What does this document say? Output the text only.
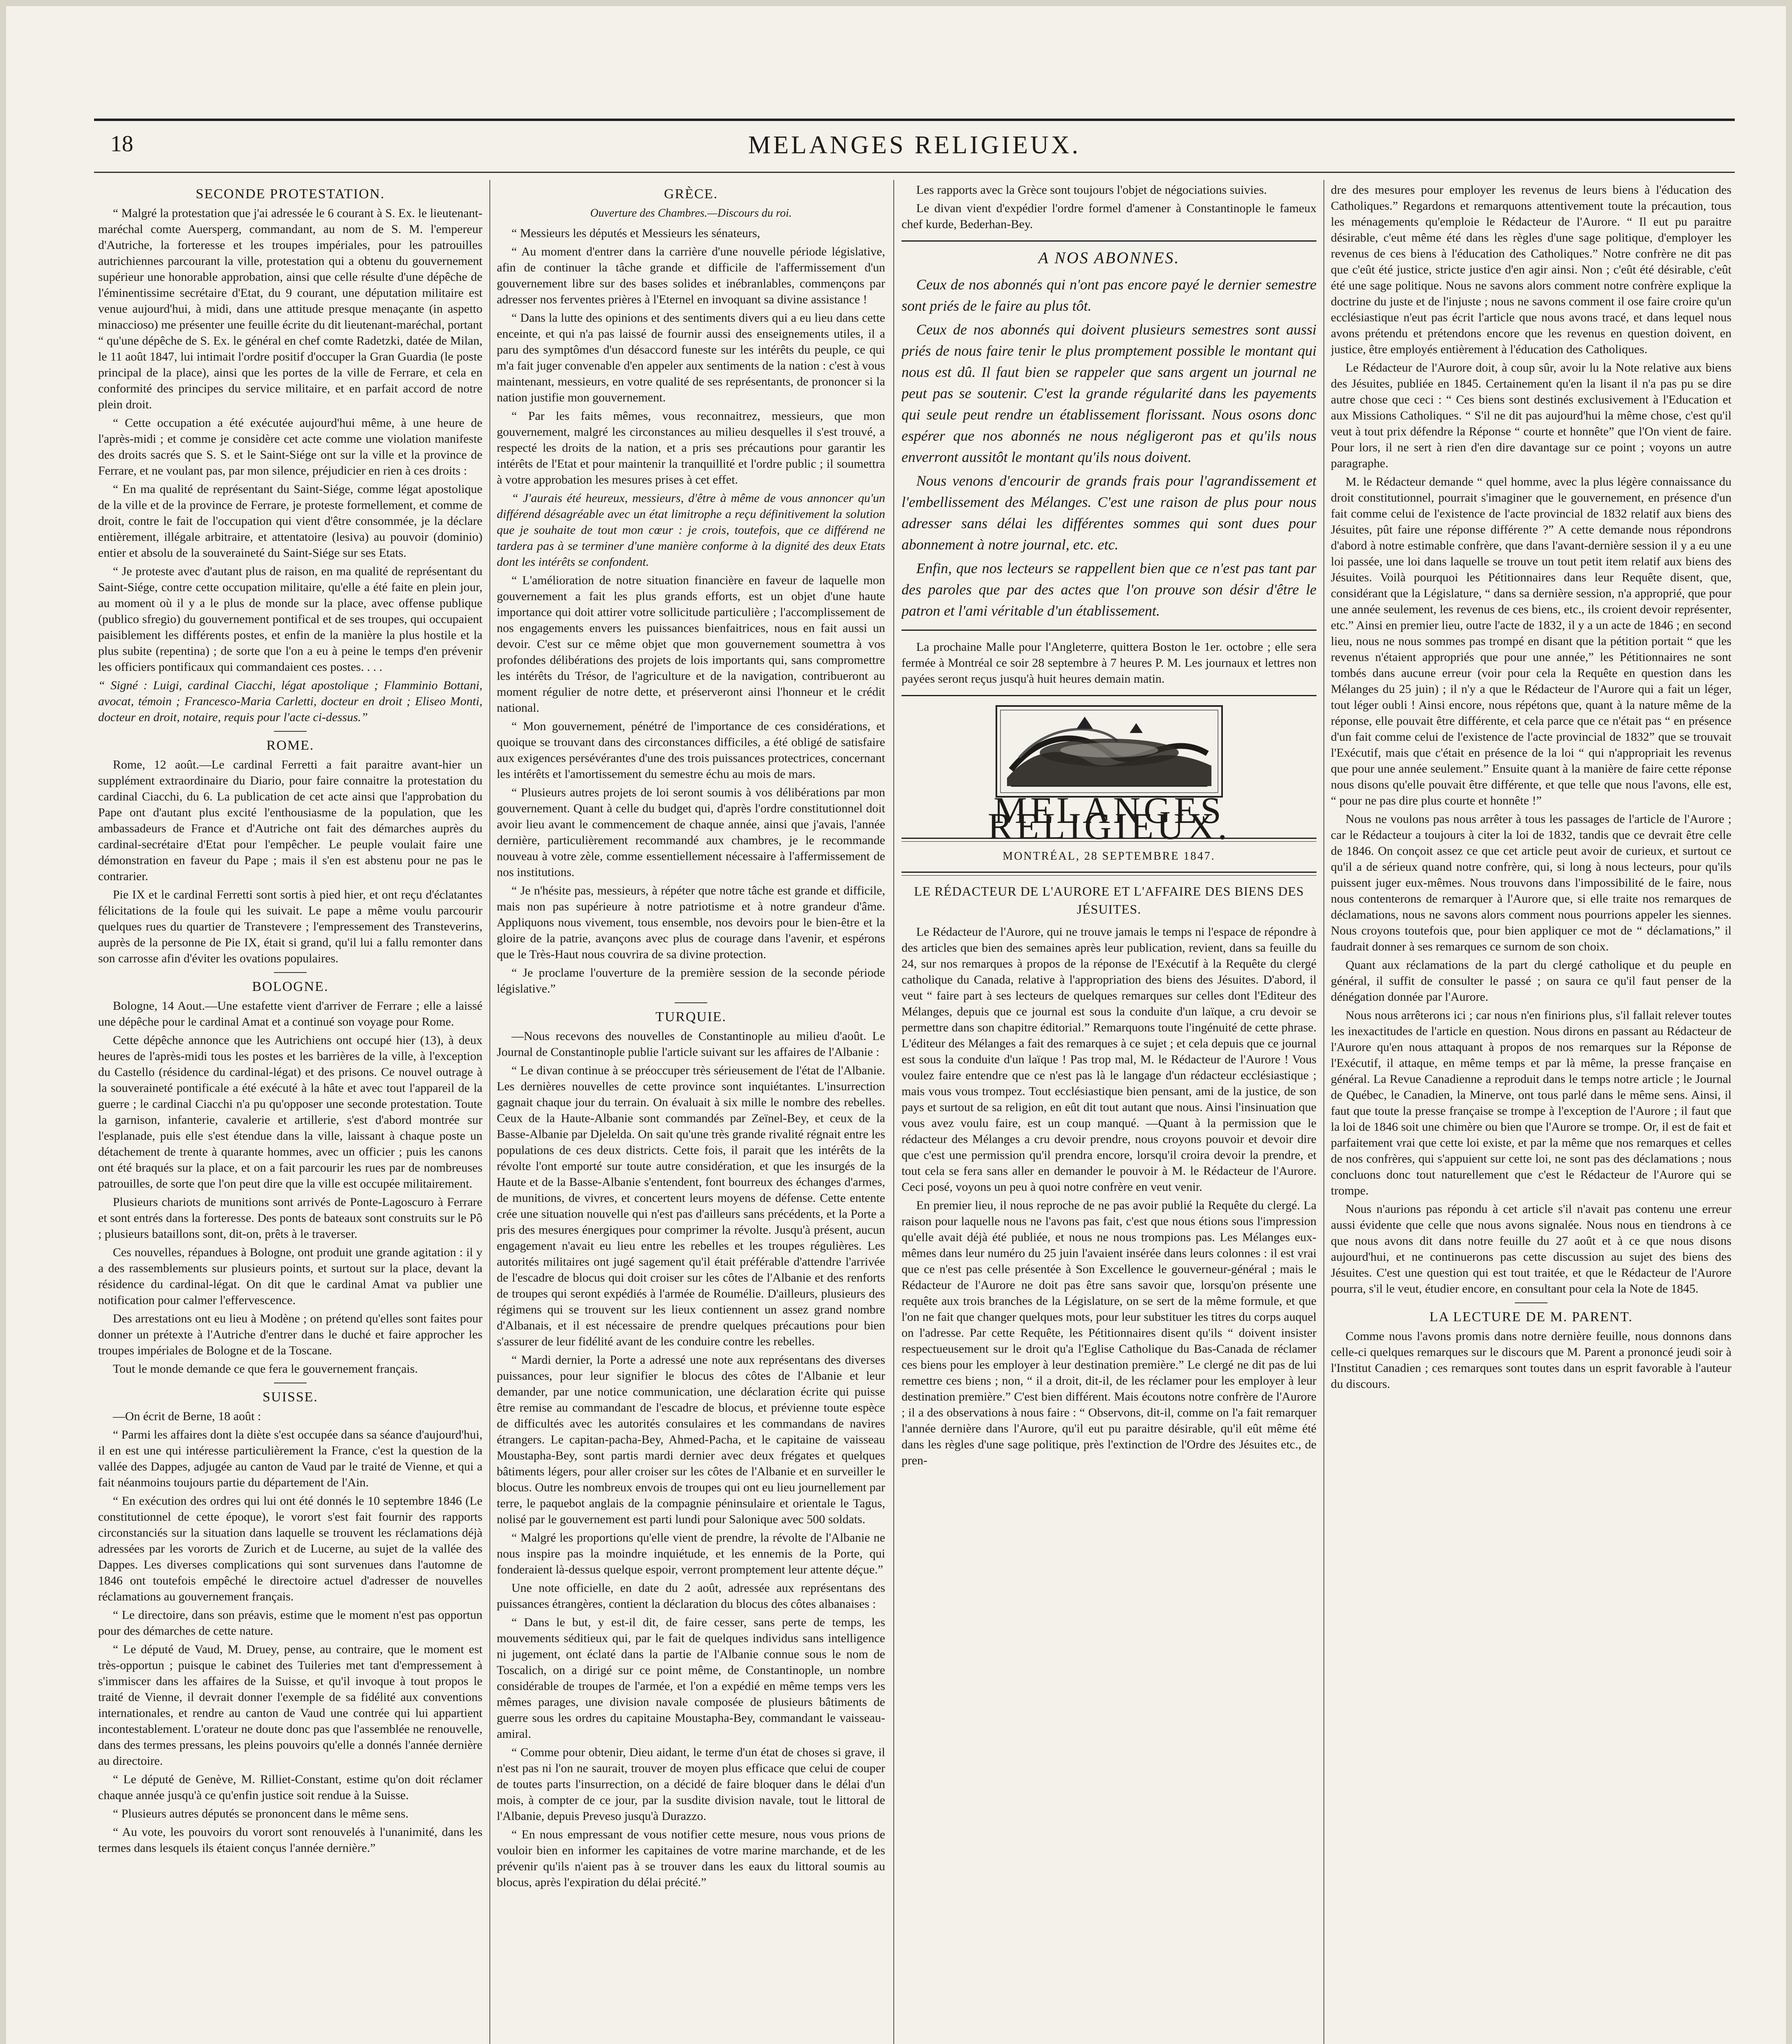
18	MELANGES RELIGIEUX.
SECONDE PROTESTATION.

“ Malgré la protestation que j'ai adressée le 6 courant à S. Ex. le lieutenant-maréchal comte Auersperg, commandant, au nom de S. M. l'empereur d'Autriche, la forteresse et les troupes impériales, pour les patrouilles autrichiennes parcourant la ville, protestation qui a obtenu du gouvernement supérieur une honorable approbation, ainsi que celle résulte d'une dépêche de l'éminentissime secrétaire d'Etat, du 9 courant, une députation militaire est venue aujourd'hui, à midi, dans une attitude presque menaçante (in aspetto minaccioso) me présenter une feuille écrite du dit lieutenant-maréchal, portant “ qu'une dépêche de S. Ex. le général en chef comte Radetzki, datée de Milan, le 11 août 1847, lui intimait l'ordre positif d'occuper la Gran Guardia (le poste principal de la place), ainsi que les portes de la ville de Ferrare, et cela en conformité des principes du service militaire, et en parfait accord de notre plein droit.

“ Cette occupation a été exécutée aujourd'hui même, à une heure de l'après-midi ; et comme je considère cet acte comme une violation manifeste des droits sacrés que S. S. et le Saint-Siége ont sur la ville et la province de Ferrare, et ne voulant pas, par mon silence, préjudicier en rien à ces droits :

“ En ma qualité de représentant du Saint-Siége, comme légat apostolique de la ville et de la province de Ferrare, je proteste formellement, et comme de droit, contre le fait de l'occupation qui vient d'être consommée, je la déclare entièrement, illégale arbitraire, et attentatoire (lesiva) au pouvoir (dominio) entier et absolu de la souveraineté du Saint-Siége sur ses Etats.

“ Je proteste avec d'autant plus de raison, en ma qualité de représentant du Saint-Siége, contre cette occupation militaire, qu'elle a été faite en plein jour, au moment où il y a le plus de monde sur la place, avec offense publique (publico sfregio) du gouvernement pontifical et de ses troupes, qui occupaient paisiblement les différents postes, et enfin de la manière la plus hostile et la plus subite (repentina) ; de sorte que l'on a eu à peine le temps d'en prévenir les officiers pontificaux qui commandaient ces postes. . . .

“ Signé : Luigi, cardinal Ciacchi, légat apostolique ; Flamminio Bottani, avocat, témoin ; Francesco-Maria Carletti, docteur en droit ; Eliseo Monti, docteur en droit, notaire, requis pour l'acte ci-dessus.”

ROME.

Rome, 12 août.—Le cardinal Ferretti a fait paraitre avant-hier un supplément extraordinaire du Diario, pour faire connaitre la protestation du cardinal Ciacchi, du 6. La publication de cet acte ainsi que l'approbation du Pape ont d'autant plus excité l'enthousiasme de la population, que les ambassadeurs de France et d'Autriche ont fait des démarches auprès du cardinal-secrétaire d'Etat pour l'empêcher. Le peuple voulait faire une démonstration en faveur du Pape ; mais il s'en est abstenu pour ne pas le contrarier.

Pie IX et le cardinal Ferretti sont sortis à pied hier, et ont reçu d'éclatantes félicitations de la foule qui les suivait. Le pape a même voulu parcourir quelques rues du quartier de Transtevere ; l'empressement des Transteverins, auprès de la personne de Pie IX, était si grand, qu'il lui a fallu remonter dans son carrosse afin d'éviter les ovations populaires.

BOLOGNE.

Bologne, 14 Aout.—Une estafette vient d'arriver de Ferrare ; elle a laissé une dépêche pour le cardinal Amat et a continué son voyage pour Rome.

Cette dépêche annonce que les Autrichiens ont occupé hier (13), à deux heures de l'après-midi tous les postes et les barrières de la ville, à l'exception du Castello (résidence du cardinal-légat) et des prisons. Ce nouvel outrage à la souveraineté pontificale a été exécuté à la hâte et avec tout l'appareil de la guerre ; le cardinal Ciacchi n'a pu qu'opposer une seconde protestation. Toute la garnison, infanterie, cavalerie et artillerie, s'est d'abord montrée sur l'esplanade, puis elle s'est étendue dans la ville, laissant à chaque poste un détachement de trente à quarante hommes, avec un officier ; puis les canons ont été braqués sur la place, et on a fait parcourir les rues par de nombreuses patrouilles, de sorte que l'on peut dire que la ville est occupée militairement.

Plusieurs chariots de munitions sont arrivés de Ponte-Lagoscuro à Ferrare et sont entrés dans la forteresse. Des ponts de bateaux sont construits sur le Pô ; plusieurs bataillons sont, dit-on, prêts à le traverser.

Ces nouvelles, répandues à Bologne, ont produit une grande agitation : il y a des rassemblements sur plusieurs points, et surtout sur la place, devant la résidence du cardinal-légat. On dit que le cardinal Amat va publier une notification pour calmer l'effervescence.

Des arrestations ont eu lieu à Modène ; on prétend qu'elles sont faites pour donner un prétexte à l'Autriche d'entrer dans le duché et faire approcher les troupes impériales de Bologne et de la Toscane.

Tout le monde demande ce que fera le gouvernement français.

SUISSE.

—On écrit de Berne, 18 août :

“ Parmi les affaires dont la diète s'est occupée dans sa séance d'aujourd'hui, il en est une qui intéresse particulièrement la France, c'est la question de la vallée des Dappes, adjugée au canton de Vaud par le traité de Vienne, et qui a fait néanmoins toujours partie du département de l'Ain.

“ En exécution des ordres qui lui ont été donnés le 10 septembre 1846 (Le constitutionnel de cette époque), le vorort s'est fait fournir des rapports circonstanciés sur la situation dans laquelle se trouvent les réclamations déjà adressées par les vororts de Zurich et de Lucerne, au sujet de la vallée des Dappes. Les diverses complications qui sont survenues dans l'automne de 1846 ont toutefois empêché le directoire actuel d'adresser de nouvelles réclamations au gouvernement français.

“ Le directoire, dans son préavis, estime que le moment n'est pas opportun pour des démarches de cette nature.

“ Le député de Vaud, M. Druey, pense, au contraire, que le moment est très-opportun ; puisque le cabinet des Tuileries met tant d'empressement à s'immiscer dans les affaires de la Suisse, et qu'il invoque à tout propos le traité de Vienne, il devrait donner l'exemple de sa fidélité aux conventions internationales, et rendre au canton de Vaud une contrée qui lui appartient incontestablement. L'orateur ne doute donc pas que l'assemblée ne renouvelle, dans des termes pressans, les pleins pouvoirs qu'elle a donnés l'année dernière au directoire.

“ Le député de Genève, M. Rilliet-Constant, estime qu'on doit réclamer chaque année jusqu'à ce qu'enfin justice soit rendue à la Suisse.

“ Plusieurs autres députés se prononcent dans le même sens.

“ Au vote, les pouvoirs du vorort sont renouvelés à l'unanimité, dans les termes dans lesquels ils étaient conçus l'année dernière.”

GRÈCE.
Ouverture des Chambres.—Discours du roi.

“ Messieurs les députés et Messieurs les sénateurs,

“ Au moment d'entrer dans la carrière d'une nouvelle période législative, afin de continuer la tâche grande et difficile de l'affermissement d'un gouvernement libre sur des bases solides et inébranlables, commençons par adresser nos ferventes prières à l'Eternel en invoquant sa divine assistance !

“ Dans la lutte des opinions et des sentiments divers qui a eu lieu dans cette enceinte, et qui n'a pas laissé de fournir aussi des enseignements utiles, il a paru des symptômes d'un désaccord funeste sur les intérêts du peuple, ce qui m'a fait juger convenable d'en appeler aux sentiments de la nation : c'est à vous maintenant, messieurs, en votre qualité de ses représentants, de prononcer si la nation justifie mon gouvernement.

“ Par les faits mêmes, vous reconnaitrez, messieurs, que mon gouvernement, malgré les circonstances au milieu desquelles il s'est trouvé, a respecté les droits de la nation, et a pris ses précautions pour garantir les intérêts de l'Etat et pour maintenir la tranquillité et l'ordre public ; il soumettra à votre approbation les mesures prises à cet effet.

“ J'aurais été heureux, messieurs, d'être à même de vous annoncer qu'un différend désagréable avec un état limitrophe a reçu définitivement la solution que je souhaite de tout mon cœur : je crois, toutefois, que ce différend ne tardera pas à se terminer d'une manière conforme à la dignité des deux Etats dont les intérêts se confondent.

“ L'amélioration de notre situation financière en faveur de laquelle mon gouvernement a fait les plus grands efforts, est un objet d'une haute importance qui doit attirer votre sollicitude particulière ; l'accomplissement de nos engagements envers les puissances bienfaitrices, nous en fait aussi un devoir. C'est sur ce même objet que mon gouvernement soumettra à vos profondes délibérations des projets de lois importants qui, sans compromettre les intérêts du Trésor, de l'agriculture et de la navigation, contribueront au moment régulier de notre dette, et préserveront ainsi l'honneur et le crédit national.

“ Mon gouvernement, pénétré de l'importance de ces considérations, et quoique se trouvant dans des circonstances difficiles, a été obligé de satisfaire aux exigences persévérantes d'une des trois puissances protectrices, concernant les intérêts et l'amortissement du semestre échu au mois de mars.

“ Plusieurs autres projets de loi seront soumis à vos délibérations par mon gouvernement. Quant à celle du budget qui, d'après l'ordre constitutionnel doit avoir lieu avant le commencement de chaque année, ainsi que j'avais, l'année dernière, particulièrement recommandé aux chambres, je le recommande nouveau à votre zèle, comme essentiellement nécessaire à l'affermissement de nos institutions.

“ Je n'hésite pas, messieurs, à répéter que notre tâche est grande et difficile, mais non pas supérieure à notre patriotisme et à notre grandeur d'âme. Appliquons nous vivement, tous ensemble, nos devoirs pour le bien-être et la gloire de la patrie, avançons avec plus de courage dans l'avenir, et espérons que le Très-Haut nous couvrira de sa divine protection.

“ Je proclame l'ouverture de la première session de la seconde période législative.”

TURQUIE.

—Nous recevons des nouvelles de Constantinople au milieu d'août. Le Journal de Constantinople publie l'article suivant sur les affaires de l'Albanie :

“ Le divan continue à se préoccuper très sérieusement de l'état de l'Albanie. Les dernières nouvelles de cette province sont inquiétantes. L'insurrection gagnait chaque jour du terrain. On évaluait à six mille le nombre des rebelles. Ceux de la Haute-Albanie sont commandés par Zeïnel-Bey, et ceux de la Basse-Albanie par Djelelda. On sait qu'une très grande rivalité régnait entre les populations de ces deux districts. Cette fois, il parait que les intérêts de la révolte l'ont emporté sur toute autre considération, et que les insurgés de la Haute et de la Basse-Albanie s'entendent, font bourreux des échanges d'armes, de munitions, de vivres, et concertent leurs moyens de défense. Cette entente crée une situation nouvelle qui n'est pas d'ailleurs sans précédents, et la Porte a pris des mesures énergiques pour comprimer la révolte. Jusqu'à présent, aucun engagement n'avait eu lieu entre les rebelles et les troupes régulières. Les autorités militaires ont jugé sagement qu'il était préférable d'attendre l'arrivée de l'escadre de blocus qui doit croiser sur les côtes de l'Albanie et des renforts de troupes qui seront expédiés à l'armée de Roumélie. D'ailleurs, plusieurs des régimens qui se trouvent sur les lieux contiennent un assez grand nombre d'Albanais, et il est nécessaire de prendre quelques précautions pour bien s'assurer de leur fidélité avant de les conduire contre les rebelles.

“ Mardi dernier, la Porte a adressé une note aux représentans des diverses puissances, pour leur signifier le blocus des côtes de l'Albanie et leur demander, par une notice communication, une déclaration écrite qui puisse être remise au commandant de l'escadre de blocus, et prévienne toute espèce de difficultés avec les autorités consulaires et les commandans de navires étrangers. Le capitan-pacha-Bey, Ahmed-Pacha, et le capitaine de vaisseau Moustapha-Bey, sont partis mardi dernier avec deux frégates et quelques bâtiments légers, pour aller croiser sur les côtes de l'Albanie et en surveiller le blocus. Outre les nombreux envois de troupes qui ont eu lieu journellement par terre, le paquebot anglais de la compagnie péninsulaire et orientale le Tagus, nolisé par le gouvernement est parti lundi pour Salonique avec 500 soldats.

“ Malgré les proportions qu'elle vient de prendre, la révolte de l'Albanie ne nous inspire pas la moindre inquiétude, et les ennemis de la Porte, qui fonderaient là-dessus quelque espoir, verront promptement leur attente déçue.”

Une note officielle, en date du 2 août, adressée aux représentans des puissances étrangères, contient la déclaration du blocus des côtes albanaises :

“ Dans le but, y est-il dit, de faire cesser, sans perte de temps, les mouvements séditieux qui, par le fait de quelques individus sans intelligence ni jugement, ont éclaté dans la partie de l'Albanie connue sous le nom de Toscalich, on a dirigé sur ce point même, de Constantinople, un nombre considérable de troupes de l'armée, et l'on a expédié en même temps vers les mêmes parages, une division navale composée de plusieurs bâtiments de guerre sous les ordres du capitaine Moustapha-Bey, commandant le vaisseau-amiral.

“ Comme pour obtenir, Dieu aidant, le terme d'un état de choses si grave, il n'est pas ni l'on ne saurait, trouver de moyen plus efficace que celui de couper de toutes parts l'insurrection, on a décidé de faire bloquer dans le délai d'un mois, à compter de ce jour, par la susdite division navale, tout le littoral de l'Albanie, depuis Preveso jusqu'à Durazzo.

“ En nous empressant de vous notifier cette mesure, nous vous prions de vouloir bien en informer les capitaines de votre marine marchande, et de les prévenir qu'ils n'aient pas à se trouver dans les eaux du littoral soumis au blocus, après l'expiration du délai précité.”

Les rapports avec la Grèce sont toujours l'objet de négociations suivies.

Le divan vient d'expédier l'ordre formel d'amener à Constantinople le fameux chef kurde, Bederhan-Bey.

A NOS ABONNES.

Ceux de nos abonnés qui n'ont pas encore payé le dernier semestre sont priés de le faire au plus tôt.

Ceux de nos abonnés qui doivent plusieurs semestres sont aussi priés de nous faire tenir le plus promptement possible le montant qui nous est dû. Il faut bien se rappeler que sans argent un journal ne peut pas se soutenir. C'est la grande régularité dans les payements qui seule peut rendre un établissement florissant. Nous osons donc espérer que nos abonnés ne nous négligeront pas et qu'ils nous enverront aussitôt le montant qu'ils nous doivent.

Nous venons d'encourir de grands frais pour l'agrandissement et l'embellissement des Mélanges. C'est une raison de plus pour nous adresser sans délai les différentes sommes qui sont dues pour abonnement à notre journal, etc. etc.

Enfin, que nos lecteurs se rappellent bien que ce n'est pas tant par des paroles que par des actes que l'on prouve son désir d'être le patron et l'ami véritable d'un établissement.

La prochaine Malle pour l'Angleterre, quittera Boston le 1er. octobre ; elle sera fermée à Montréal ce soir 28 septembre à 7 heures P. M. Les journaux et lettres non payées seront reçus jusqu'à huit heures demain matin.

MELANGES RELIGIEUX.
MONTRÉAL, 28 SEPTEMBRE 1847.
LE RÉDACTEUR DE L'AURORE ET L'AFFAIRE DES BIENS DES JÉSUITES.

Le Rédacteur de l'Aurore, qui ne trouve jamais le temps ni l'espace de répondre à des articles que bien des semaines après leur publication, revient, dans sa feuille du 24, sur nos remarques à propos de la réponse de l'Exécutif à la Requête du clergé catholique du Canada, relative à l'appropriation des biens des Jésuites. D'abord, il veut “ faire part à ses lecteurs de quelques remarques sur celles dont l'Editeur des Mélanges, depuis que ce journal est sous la conduite d'un laïque, a cru devoir se permettre dans son chapitre éditorial.” Remarquons toute l'ingénuité de cette phrase. L'éditeur des Mélanges a fait des remarques à ce sujet ; et cela depuis que ce journal est sous la conduite d'un laïque ! Pas trop mal, M. le Rédacteur de l'Aurore ! Vous voulez faire entendre que ce n'est pas là le langage d'un rédacteur ecclésiastique ; mais vous vous trompez. Tout ecclésiastique bien pensant, ami de la justice, de son pays et surtout de sa religion, en eût dit tout autant que nous. Ainsi l'insinuation que vous avez voulu faire, est un coup manqué. —Quant à la permission que le rédacteur des Mélanges a cru devoir prendre, nous croyons pouvoir et devoir dire que c'est une permission qu'il prendra encore, lorsqu'il croira devoir la prendre, et tout cela se fera sans aller en demander le pouvoir à M. le Rédacteur de l'Aurore. Ceci posé, voyons un peu à quoi notre confrère en veut venir.

En premier lieu, il nous reproche de ne pas avoir publié la Requête du clergé. La raison pour laquelle nous ne l'avons pas fait, c'est que nous étions sous l'impression qu'elle avait déjà été publiée, et nous ne nous trompions pas. Les Mélanges eux-mêmes dans leur numéro du 25 juin l'avaient insérée dans leurs colonnes : il est vrai que ce n'est pas celle présentée à Son Excellence le gouverneur-général ; mais le Rédacteur de l'Aurore ne doit pas être sans savoir que, lorsqu'on présente une requête aux trois branches de la Législature, on se sert de la même formule, et que l'on ne fait que changer quelques mots, pour leur substituer les titres du corps auquel on l'adresse. Par cette Requête, les Pétitionnaires disent qu'ils “ doivent insister respectueusement sur le droit qu'a l'Eglise Catholique du Bas-Canada de réclamer ces biens pour les employer à leur destination première.” Le clergé ne dit pas de lui remettre ces biens ; non, “ il a droit, dit-il, de les réclamer pour les employer à leur destination première.” C'est bien différent. Mais écoutons notre confrère de l'Aurore ; il a des observations à nous faire : “ Observons, dit-il, comme on l'a fait remarquer l'année dernière dans l'Aurore, qu'il eut pu paraitre désirable, qu'il eût même été dans les règles d'une sage politique, près l'extinction de l'Ordre des Jésuites etc., de pren-

dre des mesures pour employer les revenus de leurs biens à l'éducation des Catholiques.” Regardons et remarquons attentivement toute la précaution, tous les ménagements qu'emploie le Rédacteur de l'Aurore. “ Il eut pu paraitre désirable, c'eut même été dans les règles d'une sage politique, d'employer les revenus de ces biens à l'éducation des Catholiques.” Notre confrère ne dit pas que c'eût été justice, stricte justice d'en agir ainsi. Non ; c'eût été désirable, c'eût été une sage politique. Nous ne savons alors comment notre confrère explique la doctrine du juste et de l'injuste ; nous ne savons comment il ose faire croire qu'un ecclésiastique n'eut pas écrit l'article que nous avons tracé, et dans lequel nous avons prétendu et prétendons encore que les revenus en question doivent, en justice, être employés entièrement à l'éducation des Catholiques.

Le Rédacteur de l'Aurore doit, à coup sûr, avoir lu la Note relative aux biens des Jésuites, publiée en 1845. Certainement qu'en la lisant il n'a pas pu se dire autre chose que ceci : “ Ces biens sont destinés exclusivement à l'Education et aux Missions Catholiques. “ S'il ne dit pas aujourd'hui la même chose, c'est qu'il veut à tout prix défendre la Réponse “ courte et honnête” que l'On vient de faire. Pour lors, il ne sert à rien d'en dire davantage sur ce point ; voyons un autre paragraphe.

M. le Rédacteur demande “ quel homme, avec la plus légère connaissance du droit constitutionnel, pourrait s'imaginer que le gouvernement, en présence d'un fait comme celui de l'existence de l'acte provincial de 1832 relatif aux biens des Jésuites, pût faire une réponse différente ?” A cette demande nous répondrons d'abord à notre estimable confrère, que dans l'avant-dernière session il y a eu une loi passée, une loi dans laquelle se trouve un tout petit item relatif aux biens des Jésuites. Voilà pourquoi les Pétitionnaires dans leur Requête disent, que, considérant que la Législature, “ dans sa dernière session, n'a approprié, que pour une année seulement, les revenus de ces biens, etc., ils croient devoir représenter, etc.” Ainsi en premier lieu, outre l'acte de 1832, il y a un acte de 1846 ; en second lieu, nous ne nous sommes pas trompé en disant que la pétition portait “ que les revenus n'étaient appropriés que pour une année,” les Pétitionnaires ne sont tombés dans aucune erreur (voir pour cela la Requête en question dans les Mélanges du 25 juin) ; il n'y a que le Rédacteur de l'Aurore qui a fait un léger, tout léger oubli ! Ainsi encore, nous répétons que, quant à la nature même de la réponse, elle pouvait être différente, et cela parce que ce n'était pas “ en présence d'un fait comme celui de l'existence de l'acte provincial de 1832” que se trouvait l'Exécutif, mais que c'était en présence de la loi “ qui n'appropriait les revenus que pour une année seulement.” Ensuite quant à la manière de faire cette réponse nous disons qu'elle pouvait être différente, et que telle que nous l'avons, elle est, “ pour ne pas dire plus courte et honnête !”

Nous ne voulons pas nous arrêter à tous les passages de l'article de l'Aurore ; car le Rédacteur a toujours à citer la loi de 1832, tandis que ce devrait être celle de 1846. On conçoit assez ce que cet article peut avoir de curieux, et surtout ce qu'il a de sérieux quand notre confrère, qui, si long à nous lecteurs, pour qu'ils puissent juger eux-mêmes. Nous trouvons dans l'impossibilité de le faire, nous nous contenterons de remarquer à l'Aurore que, si elle traite nos remarques de déclamations, nous ne savons alors comment nous pourrions appeler les siennes. Nous croyons toutefois que, pour bien appliquer ce mot de “ déclamations,” il faudrait donner à ses remarques ce surnom de son choix.

Quant aux réclamations de la part du clergé catholique et du peuple en général, il suffit de consulter le passé ; on saura ce qu'il faut penser de la dénégation donnée par l'Aurore.

Nous nous arrêterons ici ; car nous n'en finirions plus, s'il fallait relever toutes les inexactitudes de l'article en question. Nous dirons en passant au Rédacteur de l'Aurore qu'en nous attaquant à propos de nos remarques sur la Réponse de l'Exécutif, il attaque, en même temps et par là même, la presse française en général. La Revue Canadienne a reproduit dans le temps notre article ; le Journal de Québec, le Canadien, la Minerve, ont tous parlé dans le même sens. Ainsi, il faut que toute la presse française se trompe à l'exception de l'Aurore ; il faut que la loi de 1846 soit une chimère ou bien que l'Aurore se trompe. Or, il est de fait et parfaitement vrai que cette loi existe, et par la même que nos remarques et celles de nos confrères, qui s'appuient sur cette loi, ne sont pas des déclamations ; nous concluons donc tout naturellement que c'est le Rédacteur de l'Aurore qui se trompe.

Nous n'aurions pas répondu à cet article s'il n'avait pas contenu une erreur aussi évidente que celle que nous avons signalée. Nous nous en tiendrons à ce que nous avons dit dans notre feuille du 27 août et à ce que nous disons aujourd'hui, et ne continuerons pas cette discussion au sujet des biens des Jésuites. C'est une question qui est tout traitée, et que le Rédacteur de l'Aurore pourra, s'il le veut, étudier encore, en consultant pour cela la Note de 1845.

LA LECTURE DE M. PARENT.

Comme nous l'avons promis dans notre dernière feuille, nous donnons dans celle-ci quelques remarques sur le discours que M. Parent a prononcé jeudi soir à l'Institut Canadien ; ces remarques sont toutes dans un esprit favorable à l'auteur du discours.
